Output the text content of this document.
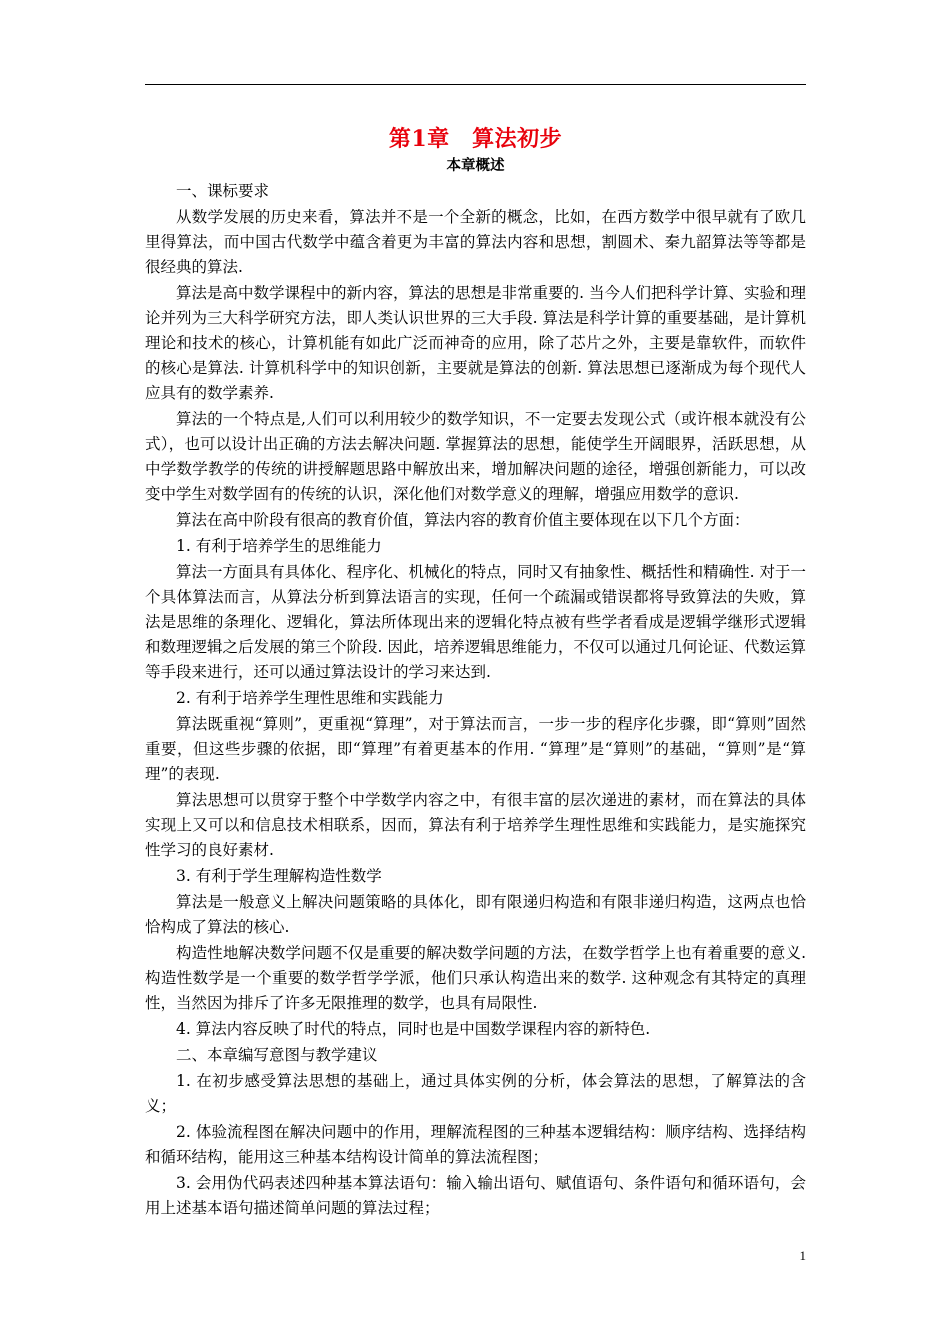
第1章　算法初步
本章概述

一、课标要求

从数学发展的历史来看，算法并不是一个全新的概念，比如，在西方数学中很早就有了欧几里得算法，而中国古代数学中蕴含着更为丰富的算法内容和思想，割圆术、秦九韶算法等等都是很经典的算法.

算法是高中数学课程中的新内容，算法的思想是非常重要的. 当今人们把科学计算、实验和理论并列为三大科学研究方法，即人类认识世界的三大手段. 算法是科学计算的重要基础，是计算机理论和技术的核心，计算机能有如此广泛而神奇的应用，除了芯片之外，主要是靠软件，而软件的核心是算法. 计算机科学中的知识创新，主要就是算法的创新. 算法思想已逐渐成为每个现代人应具有的数学素养.

算法的一个特点是,人们可以利用较少的数学知识，不一定要去发现公式（或许根本就没有公式），也可以设计出正确的方法去解决问题. 掌握算法的思想，能使学生开阔眼界，活跃思想，从中学数学教学的传统的讲授解题思路中解放出来，增加解决问题的途径，增强创新能力，可以改变中学生对数学固有的传统的认识，深化他们对数学意义的理解，增强应用数学的意识.

算法在高中阶段有很高的教育价值，算法内容的教育价值主要体现在以下几个方面：

1. 有利于培养学生的思维能力

算法一方面具有具体化、程序化、机械化的特点，同时又有抽象性、概括性和精确性. 对于一个具体算法而言，从算法分析到算法语言的实现，任何一个疏漏或错误都将导致算法的失败，算法是思维的条理化、逻辑化，算法所体现出来的逻辑化特点被有些学者看成是逻辑学继形式逻辑和数理逻辑之后发展的第三个阶段. 因此，培养逻辑思维能力，不仅可以通过几何论证、代数运算等手段来进行，还可以通过算法设计的学习来达到.

2. 有利于培养学生理性思维和实践能力

算法既重视“算则”，更重视“算理”，对于算法而言，一步一步的程序化步骤，即“算则”固然重要，但这些步骤的依据，即“算理”有着更基本的作用. “算理”是“算则”的基础，“算则”是“算理”的表现.

算法思想可以贯穿于整个中学数学内容之中，有很丰富的层次递进的素材，而在算法的具体实现上又可以和信息技术相联系，因而，算法有利于培养学生理性思维和实践能力，是实施探究性学习的良好素材.

3. 有利于学生理解构造性数学

算法是一般意义上解决问题策略的具体化，即有限递归构造和有限非递归构造，这两点也恰恰构成了算法的核心.

构造性地解决数学问题不仅是重要的解决数学问题的方法，在数学哲学上也有着重要的意义. 构造性数学是一个重要的数学哲学学派，他们只承认构造出来的数学. 这种观念有其特定的真理性，当然因为排斥了许多无限推理的数学，也具有局限性.

4. 算法内容反映了时代的特点，同时也是中国数学课程内容的新特色.

二、本章编写意图与教学建议

1. 在初步感受算法思想的基础上，通过具体实例的分析，体会算法的思想，了解算法的含义；

2. 体验流程图在解决问题中的作用，理解流程图的三种基本逻辑结构：顺序结构、选择结构和循环结构，能用这三种基本结构设计简单的算法流程图；

3. 会用伪代码表述四种基本算法语句：输入输出语句、赋值语句、条件语句和循环语句，会用上述基本语句描述简单问题的算法过程；

1
